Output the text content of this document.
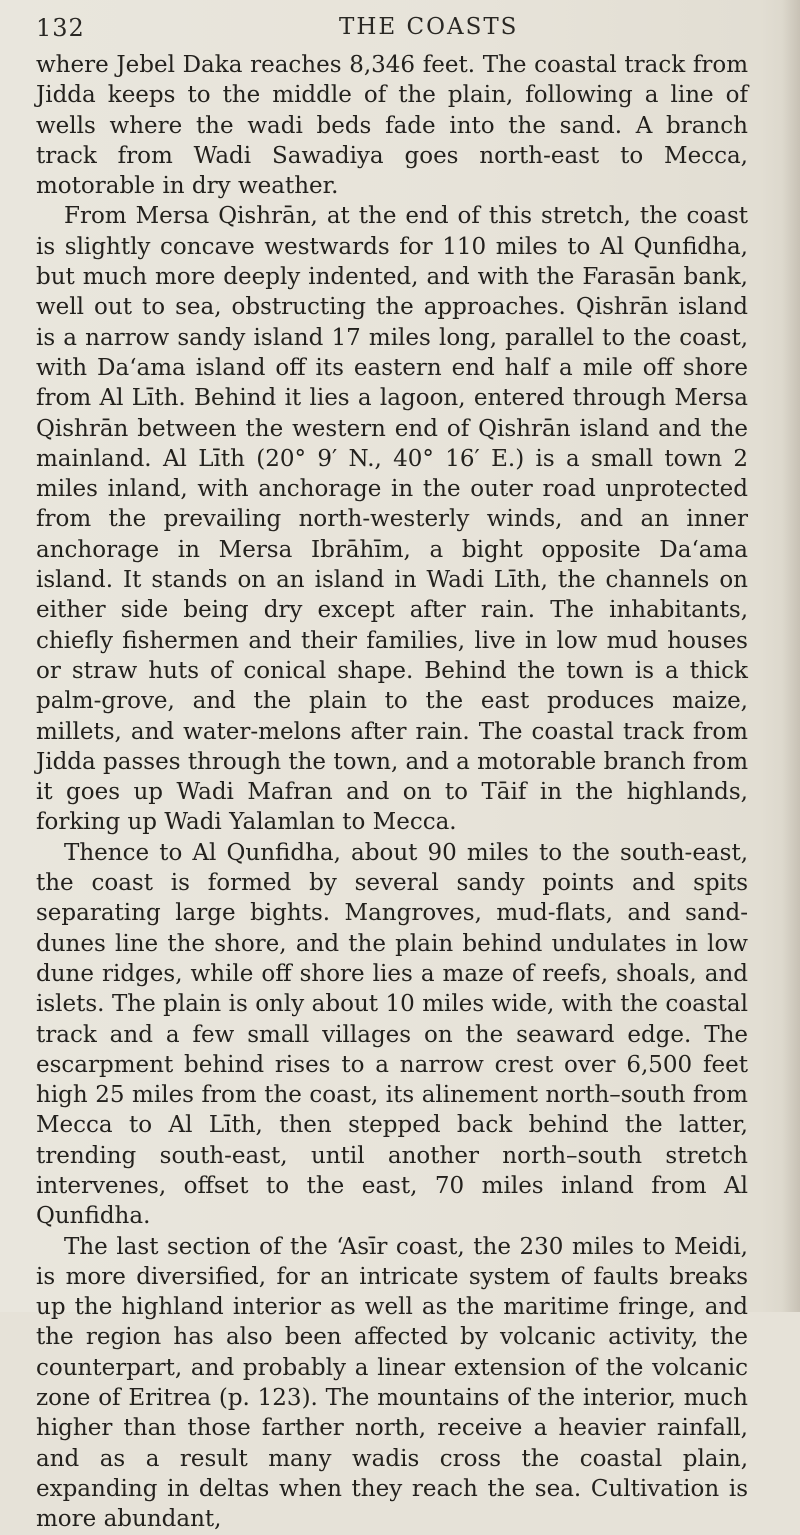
132	THE COASTS

where Jebel Daka reaches 8,346 feet. The coastal track from Jidda keeps to the middle of the plain, following a line of wells where the wadi beds fade into the sand. A branch track from Wadi Sawadiya goes north-east to Mecca, motorable in dry weather.

From Mersa Qishrān, at the end of this stretch, the coast is slightly concave westwards for 110 miles to Al Qunfidha, but much more deeply indented, and with the Farasān bank, well out to sea, obstructing the approaches. Qishrān island is a narrow sandy island 17 miles long, parallel to the coast, with Da‘ama island off its eastern end half a mile off shore from Al Līth. Behind it lies a lagoon, entered through Mersa Qishrān between the western end of Qishrān island and the mainland. Al Līth (20° 9′ N., 40° 16′ E.) is a small town 2 miles inland, with anchorage in the outer road unprotected from the prevailing north-westerly winds, and an inner anchorage in Mersa Ibrāhīm, a bight opposite Da‘ama island. It stands on an island in Wadi Līth, the channels on either side being dry except after rain. The inhabitants, chiefly fishermen and their families, live in low mud houses or straw huts of conical shape. Behind the town is a thick palm-grove, and the plain to the east produces maize, millets, and water-melons after rain. The coastal track from Jidda passes through the town, and a motorable branch from it goes up Wadi Mafran and on to Tāif in the highlands, forking up Wadi Yalamlan to Mecca.

Thence to Al Qunfidha, about 90 miles to the south-east, the coast is formed by several sandy points and spits separating large bights. Mangroves, mud-flats, and sand-dunes line the shore, and the plain behind undulates in low dune ridges, while off shore lies a maze of reefs, shoals, and islets. The plain is only about 10 miles wide, with the coastal track and a few small villages on the seaward edge. The escarpment behind rises to a narrow crest over 6,500 feet high 25 miles from the coast, its alinement north–south from Mecca to Al Līth, then stepped back behind the latter, trending south-east, until another north–south stretch intervenes, offset to the east, 70 miles inland from Al Qunfidha.

The last section of the ‘Asīr coast, the 230 miles to Meidi, is more diversified, for an intricate system of faults breaks up the highland interior as well as the maritime fringe, and the region has also been affected by volcanic activity, the counterpart, and probably a linear extension of the volcanic zone of Eritrea (p. 123). The mountains of the interior, much higher than those farther north, receive a heavier rainfall, and as a result many wadis cross the coastal plain, expanding in deltas when they reach the sea. Cultivation is more abundant,
